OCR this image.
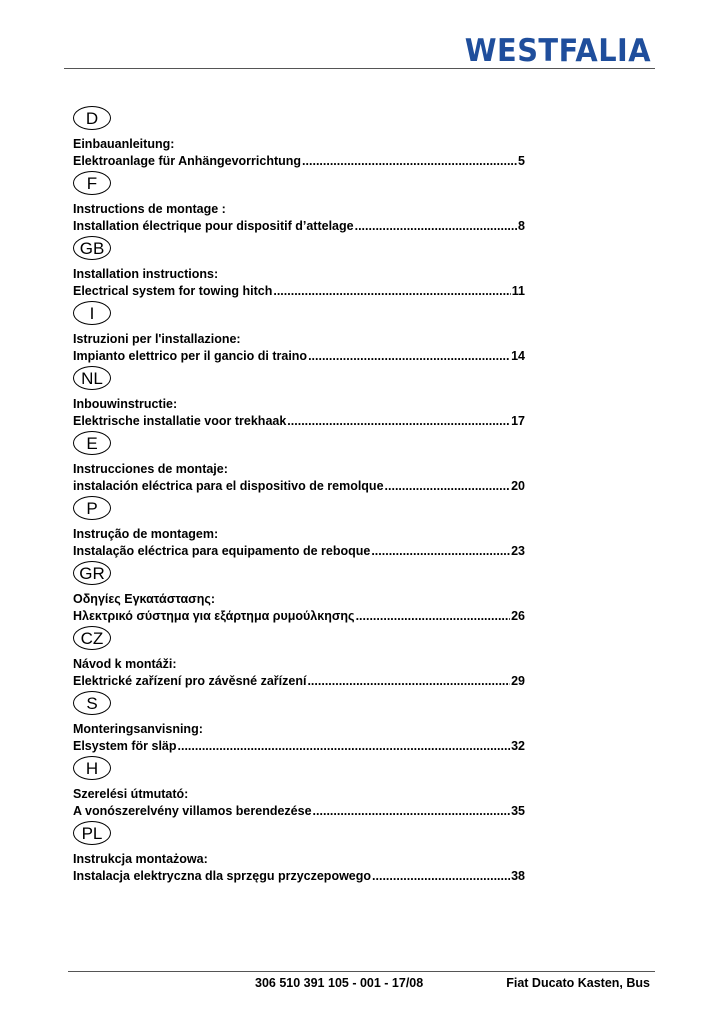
WESTFALIA
D
Einbauanleitung:
Elektroanlage für Anhängevorrichtung .....	5
F
Instructions de montage :
Installation électrique pour dispositif d’attelage .....	8
GB
Installation instructions:
Electrical system for towing hitch .....	11
I
Istruzioni per l'installazione:
Impianto elettrico per il gancio di traino .....	14
NL
Inbouwinstructie:
Elektrische installatie voor trekhaak .....	17
E
Instrucciones de montaje:
instalación eléctrica para el dispositivo de remolque .....	20
P
Instrução de montagem:
Instalação eléctrica para equipamento de reboque .....	23
GR
Οδηγίες Εγκατάστασης:
Ηλεκτρικό σύστημα για εξάρτημα ρυμούλκησης .....	26
CZ
Návod k montáži:
Elektrické zařízení pro závěsné zařízení .....	29
S
Monteringsanvisning:
Elsystem för släp .....	32
H
Szerelési útmutató:
A vonószerelvény villamos berendezése .....	35
PL
Instrukcja montażowa:
Instalacja elektryczna dla sprzęgu przyczepowego .....	38
306 510 391 105 - 001 - 17/08	Fiat Ducato Kasten, Bus
